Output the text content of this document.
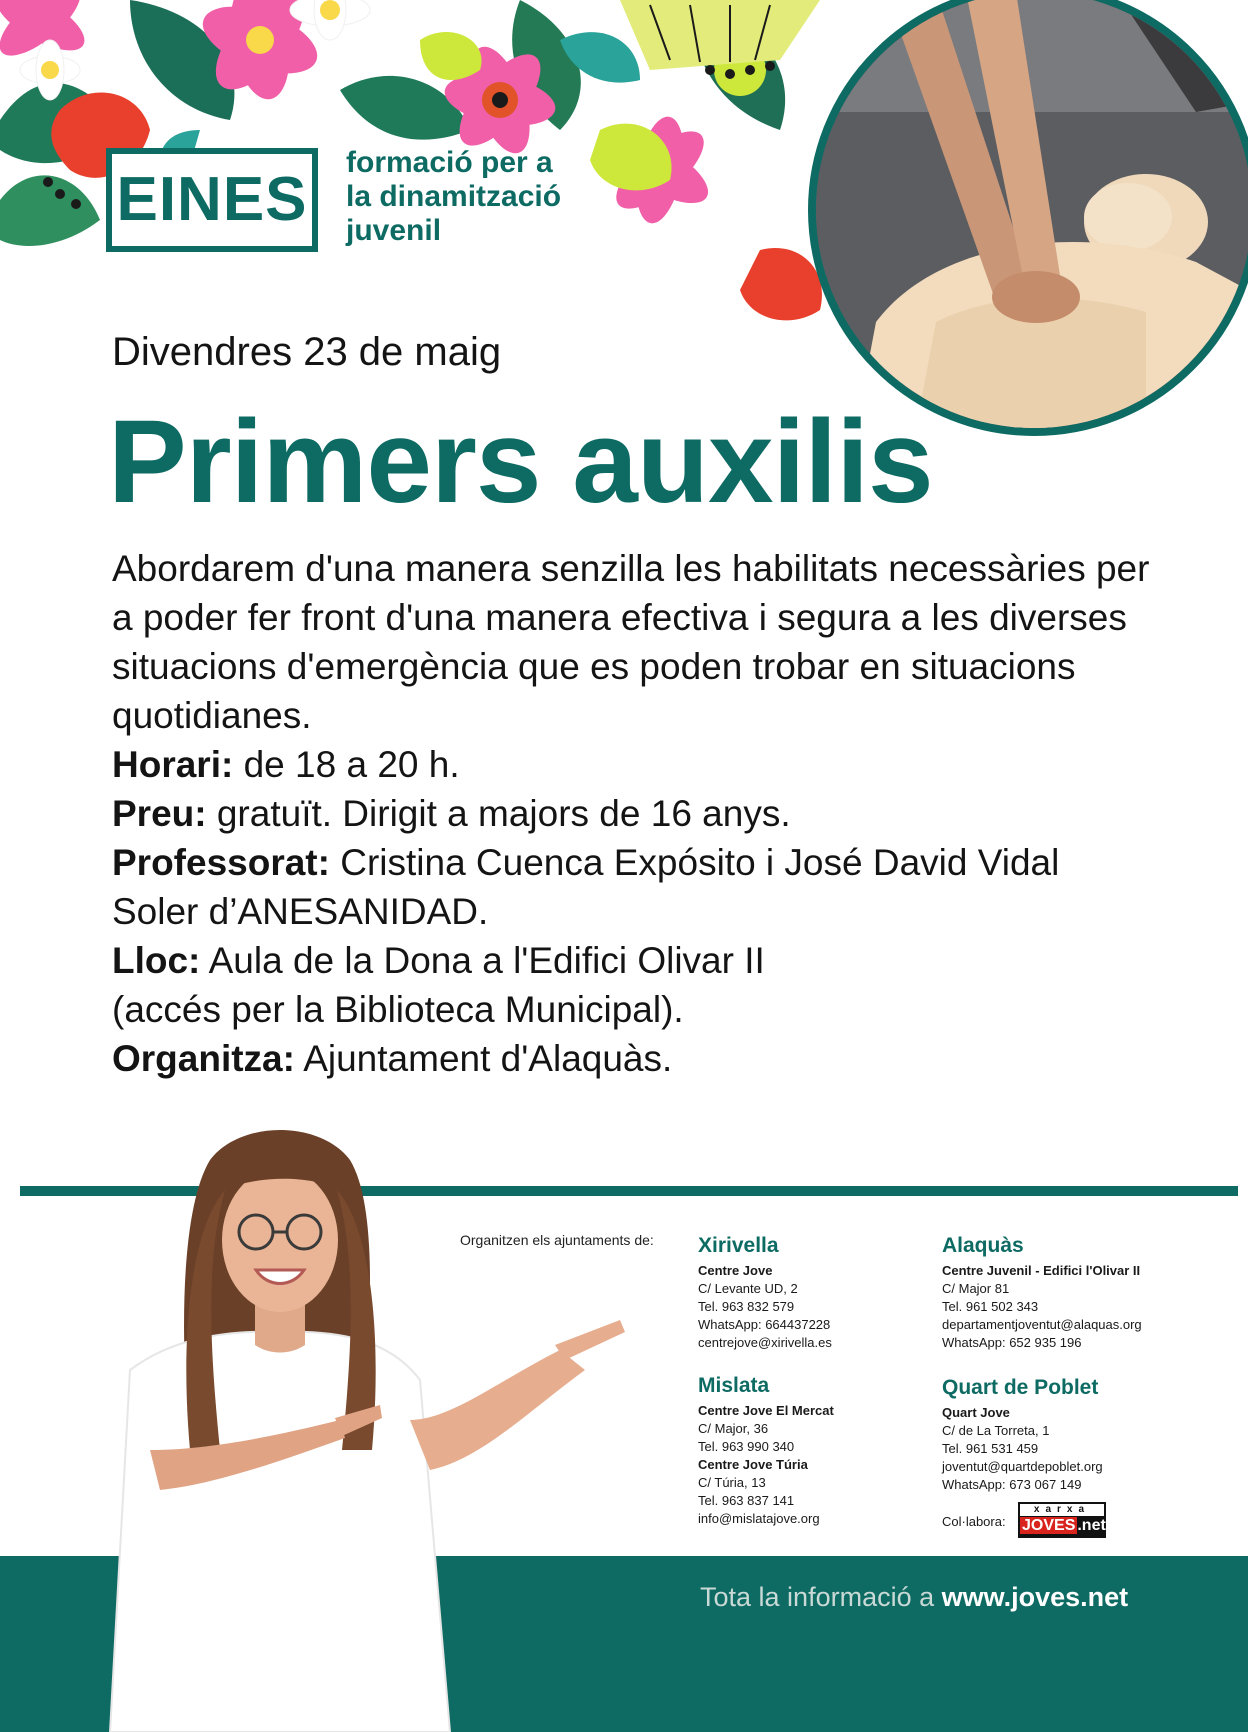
EINES
formació per a
la dinamització
juvenil
Divendres 23 de maig
Primers auxilis

Abordarem d'una manera senzilla les habilitats necessàries per a poder fer front d'una manera efectiva i segura a les diverses situacions d'emergència que es poden trobar en situacions quotidianes.

Horari: de 18 a 20 h.

Preu: gratuït. Dirigit a majors de 16 anys.

Professorat: Cristina Cuenca Expósito i José David Vidal Soler d’ANESANIDAD.

Lloc: Aula de la Dona a l'Edifici Olivar II

(accés per la Biblioteca Municipal).

Organitza: Ajuntament d'Alaquàs.

Organitzen els ajuntaments de: Xirivella
Centre Jove
C/ Levante UD, 2
Tel. 963 832 579
WhatsApp: 664437228
centrejove@xirivella.es
Alaquàs
Centre Juvenil - Edifici l'Olivar II
C/ Major 81
Tel. 961 502 343
departamentjoventut@alaquas.org
WhatsApp: 652 935 196
Mislata
Centre Jove El Mercat
C/ Major, 36
Tel. 963 990 340
Centre Jove Túria
C/ Túria, 13
Tel. 963 837 141
info@mislatajove.org
Quart de Poblet
Quart Jove
C/ de La Torreta, 1
Tel. 961 531 459
joventut@quartdepoblet.org
WhatsApp: 673 067 149
Col·labora:
xarxa
JOVES .net
Tota la informació a www.joves.net
